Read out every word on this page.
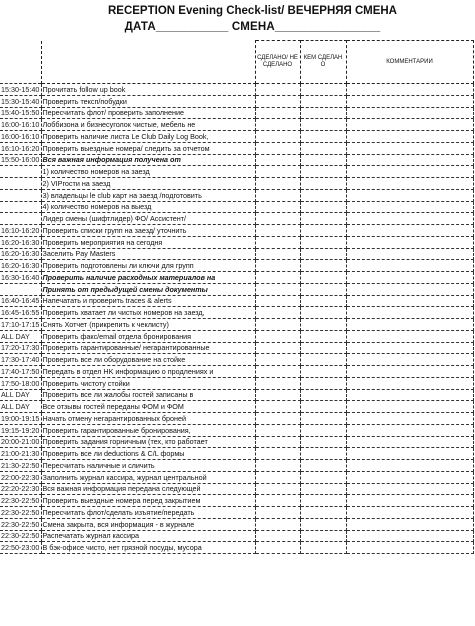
RECEPTION Evening Check-list/ ВЕЧЕРНЯЯ СМЕНА
ДАТА___________ СМЕНА________________
		СДЕЛАНО/ НЕ СДЕЛАНО	КЕМ СДЕЛАН О	КОММЕНТАРИИ
15:30-15:40	Прочитать follow up book			
15:30-15:40	Проверить тексп/побудки			
15:40-15:50	Пересчитать флот/ проверить заполнение			
16:00-16:10	Лоббизона и бизнесуголок чистые, мебель не			
16:00-16:10	Проверить наличие листа Le Club Daily Log Book,			
16:10-16:20	Проверить выездные номера/ следить за отчетом			
15:50-16:00	Вся важная информация получена от			
	1) количество номеров на заезд			
	2) VIPгости на заезд			
	3) владельцы le club карт на заезд /подготовить			
	4) количество номеров на выезд			
	Лидер смены (шифтлидер) ФО/ Ассистент/			
16:10-16:20	Проверить списки групп на заезд/ уточнить			
16:20-16:30	Проверить мероприятия на сегодня			
16:20-16:30	Заселить Pay Masters			
16:20-16:30	Проверить подготовлены ли ключи для групп			
16:30-16:40	Проверить наличие расходных материалов на			
	Принять от предыдущей смены документы			
16:40-16:45	Напечатать и проверить traces & alerts			
16:45-16:55	Проверить хватает ли чистых номеров на заезд,			
17:10-17:15	Снять Хотчет (прикрепить к чеклисту)			
ALL DAY	Проверить факс/email отдела бронирования			
17:20-17:30	Проверить гарантированные/ негарантированные			
17:30-17:40	Проверить все ли оборудование на стойке			
17:40-17:50	Передать в отдел HK информацию о продлениях и			
17:50-18:00	Проверить чистоту стойки			
ALL DAY	Проверить все ли жалобы гостей записаны в			
ALL DAY	Все отзывы гостей переданы ФОМ и ФОМ			
19:00-19:15	Начать отмену негарантированных броней			
19:15-19:20	Проверить гарантированные бронирования,			
20:00-21:00	Проверить задания горничным (тех, кто работает			
21:00-21:30	Проверить все ли deductions & C/L формы			
21:30-22:50	Пересчитать наличные и сличить			
22:00-22:30	Заполнить журнал кассира, журнал центральной			
22:20-22:30	Вся важная информация передана следующей			
22:30-22:50	Проверить выездные номера перед закрытием			
22:30-22:50	Пересчитать флот/сделать изъятие/передать			
22:30-22:50	Смена закрыта, вся информация - в журнале			
22:30-22:50	Распечатать журнал кассира			
22:50-23:00	В бэк-офисе чисто, нет грязной посуды, мусора			
